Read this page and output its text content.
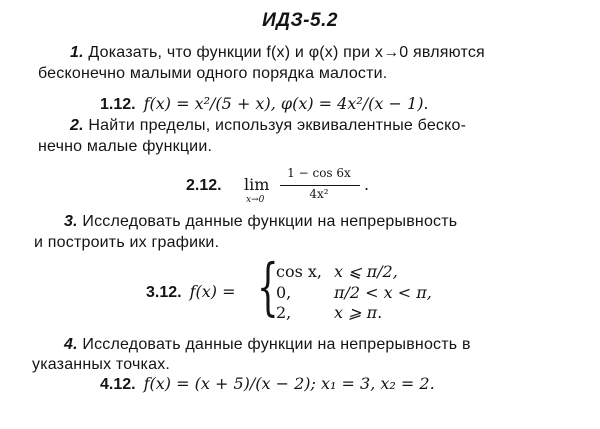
ИДЗ-5.2
1. Доказать, что функции f(x) и φ(x) при x→0 являются
бесконечно малыми одного порядка малости.
1.12. f(x) = x²/(5 + x), φ(x) = 4x²/(x − 1).
2. Найти пределы, используя эквивалентные беско-
нечно малые функции.
2.12.	lim
x→0
1 − cos 6x
4x²	.
3. Исследовать данные функции на непрерывность
и построить их графики.
3.12. f(x) = {
cos x, x ⩽ π/2,
0,	π/2 < x < π,
2,	x ⩾ π.
4. Исследовать данные функции на непрерывность в
указанных точках.
4.12. f(x) = (x + 5)/(x − 2); x₁ = 3, x₂ = 2.
